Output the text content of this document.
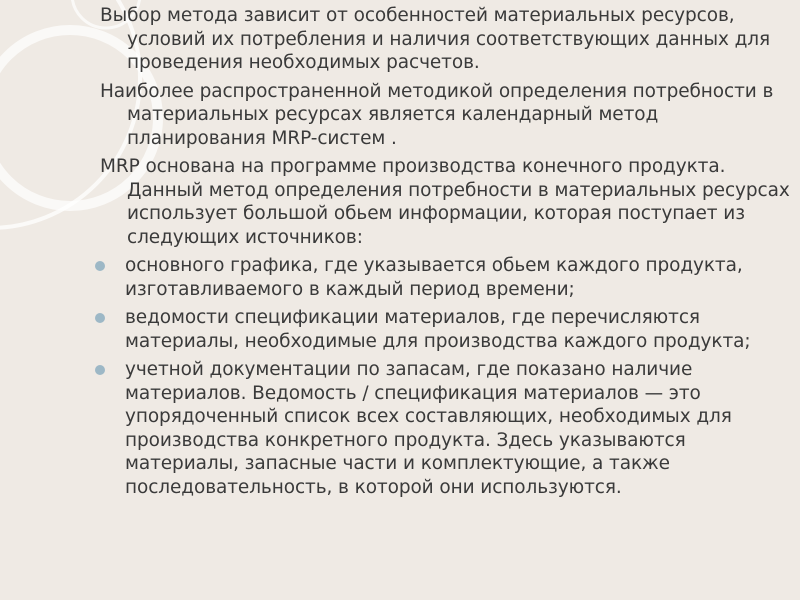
Выбор метода зависит от особенностей материальных ресурсов, условий их потребления и наличия соответствующих данных для проведения необходимых расчетов.

Наиболее распространенной методикой определения потребности в материальных ресурсах является календарный метод планирования MRP-систем .

MRP основана на программе производства конечного продукта. Данный метод определения потребности в материальных ресурсах использует большой обьем информации, которая поступает из следующих источников:

основного графика, где указывается обьем каждого продукта, изготавливаемого в каждый период времени;
ведомости спецификации материалов, где перечисляются материалы, необходимые для производства каждого продукта;
учетной документации по запасам, где показано наличие материалов. Ведомость / спецификация материалов — это упорядоченный список всех составляющих, необходимых для производства конкретного продукта. Здесь указываются материалы, запасные части и комплектующие, а также последовательность, в которой они используются.
